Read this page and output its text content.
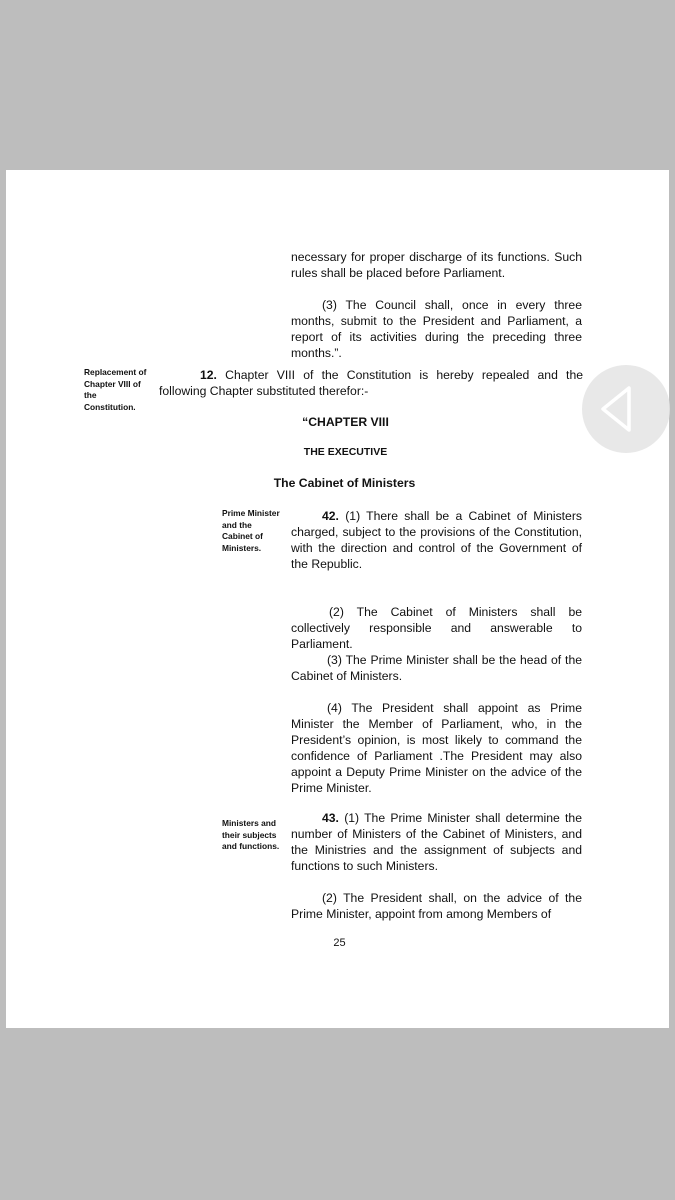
necessary for proper discharge of its functions. Such rules shall be placed before Parliament.
(3) The Council shall, once in every three months, submit to the President and Parliament, a report of its activities during the preceding three months.”.
Replacement of Chapter VIII of the Constitution.
12. Chapter VIII of the Constitution is hereby repealed and the following Chapter substituted therefor:-
“CHAPTER VIII
THE EXECUTIVE
The Cabinet of Ministers
Prime Minister and the Cabinet of Ministers.
42. (1) There shall be a Cabinet of Ministers charged, subject to the provisions of the Constitution, with the direction and control of the Government of the Republic.
(2) The Cabinet of Ministers shall be collectively responsible and answerable to Parliament.
(3) The Prime Minister shall be the head of the Cabinet of Ministers.
(4) The President shall appoint as Prime Minister the Member of Parliament, who, in the President’s opinion, is most likely to command the confidence of Parliament .The President may also appoint a Deputy Prime Minister on the advice of the Prime Minister.
Ministers and their subjects and functions.
43. (1) The Prime Minister shall determine the number of Ministers of the Cabinet of Ministers, and the Ministries and the assignment of subjects and functions to such Ministers.
(2) The President shall, on the advice of the Prime Minister, appoint from among Members of
25
